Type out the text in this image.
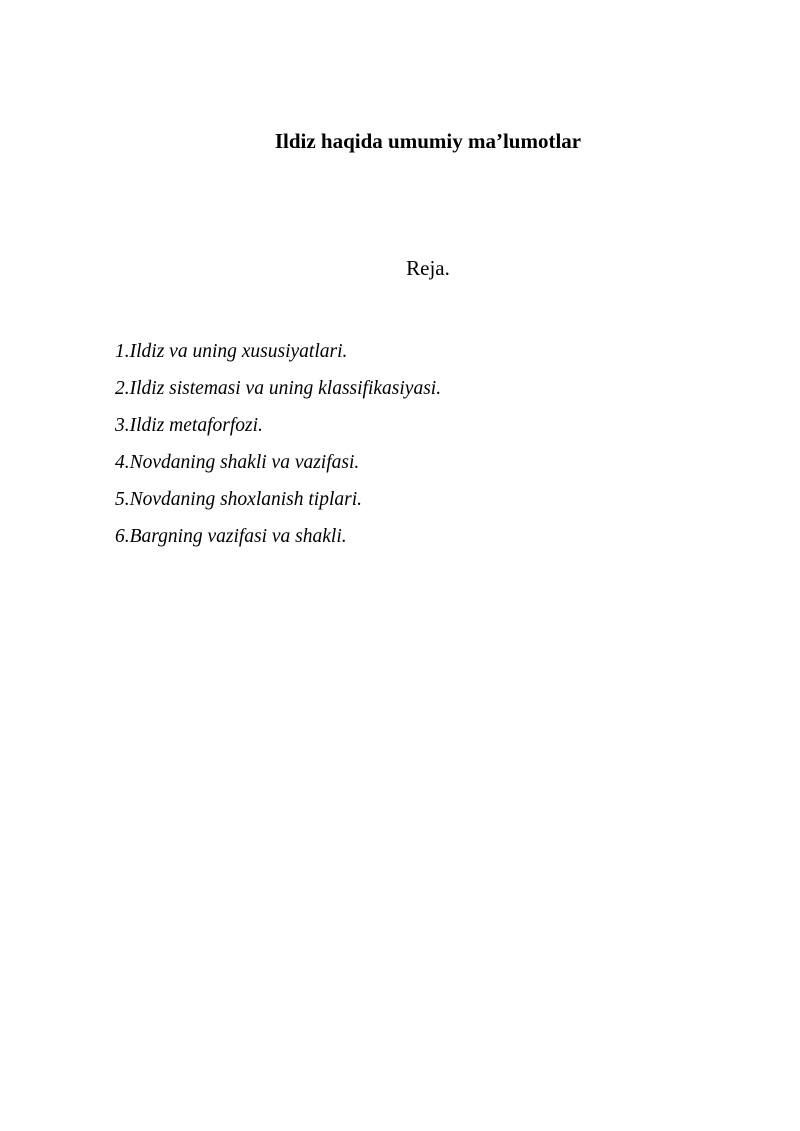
Ildiz haqida umumiy ma’lumotlar
Reja.
1.Ildiz va uning xususiyatlari.
2.Ildiz sistemasi va uning klassifikasiyasi.
3.Ildiz metaforfozi.
4.Novdaning shakli va vazifasi.
5.Novdaning shoxlanish tiplari.
6.Bargning vazifasi va shakli.
